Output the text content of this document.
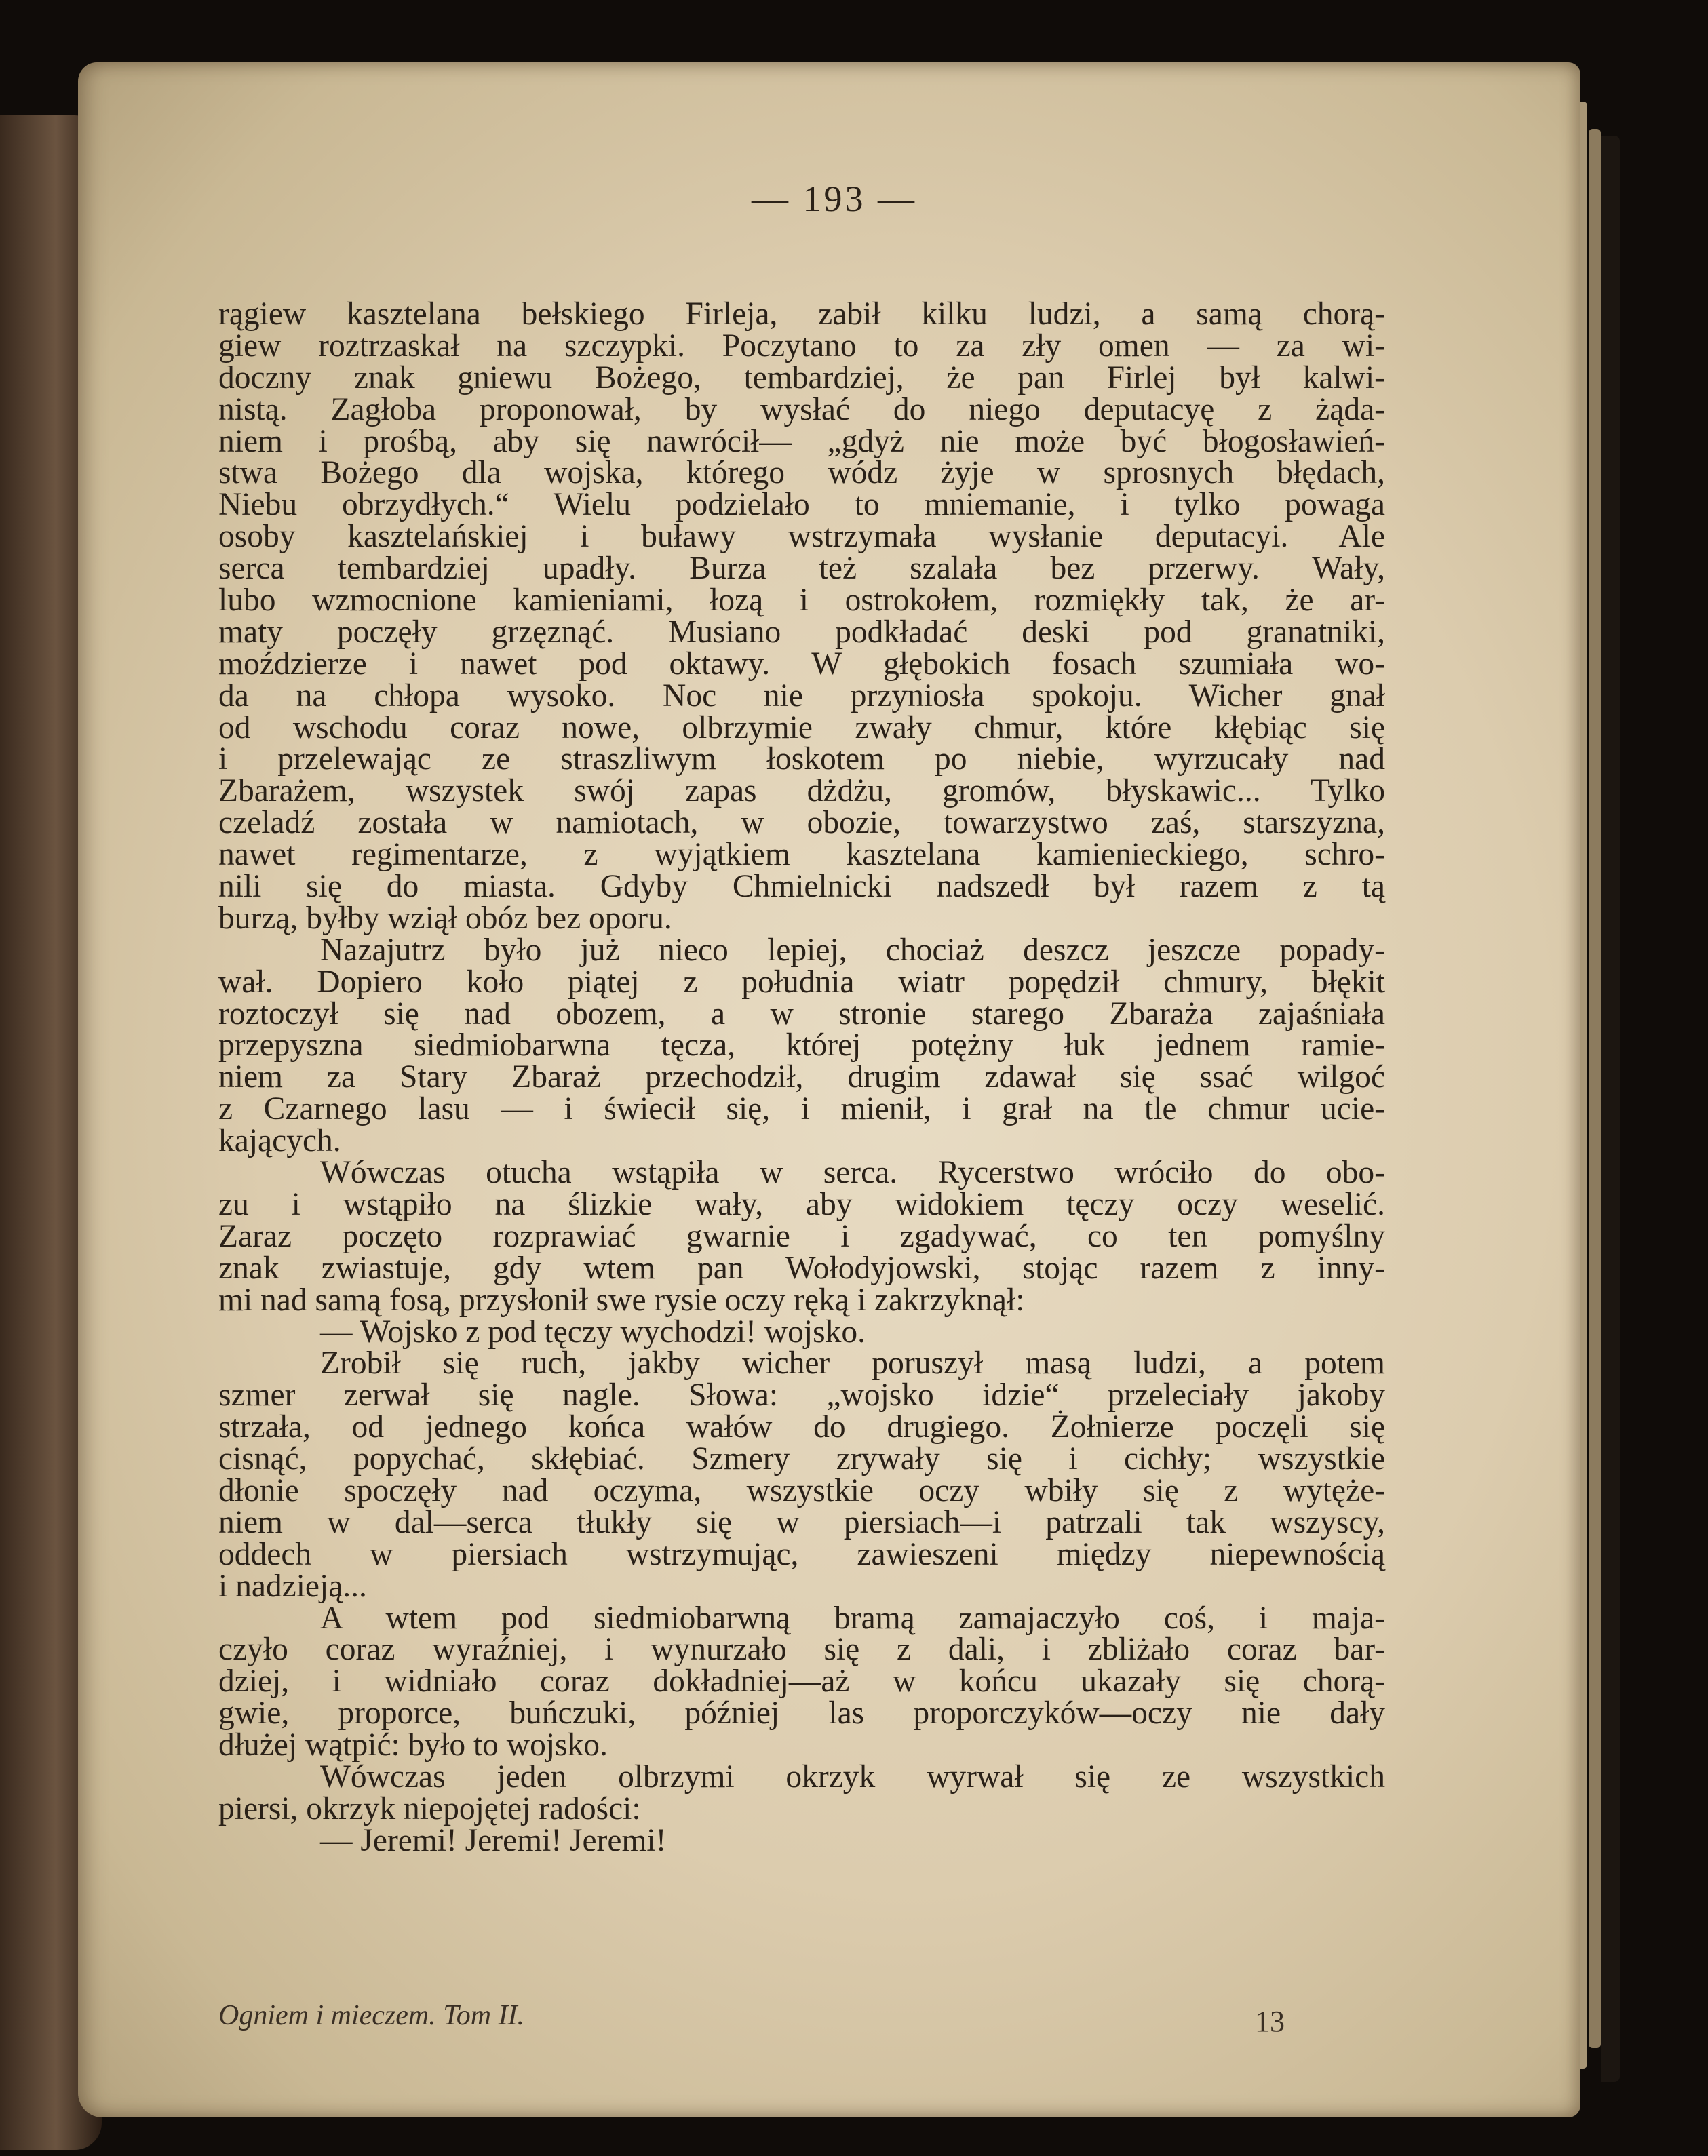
— 193 —
rągiew kasztelana bełskiego Firleja, zabił kilku ludzi, a samą chorą-
giew roztrzaskał na szczypki. Poczytano to za zły omen — za wi-
doczny znak gniewu Bożego, tembardziej, że pan Firlej był kalwi-
nistą. Zagłoba proponował, by wysłać do niego deputacyę z żąda-
niem i prośbą, aby się nawrócił— „gdyż nie może być błogosławień-
stwa Bożego dla wojska, którego wódz żyje w sprosnych błędach,
Niebu obrzydłych.“ Wielu podzielało to mniemanie, i tylko powaga
osoby kasztelańskiej i buławy wstrzymała wysłanie deputacyi. Ale
serca tembardziej upadły. Burza też szalała bez przerwy. Wały,
lubo wzmocnione kamieniami, łozą i ostrokołem, rozmiękły tak, że ar-
maty poczęły grzęznąć. Musiano podkładać deski pod granatniki,
moździerze i nawet pod oktawy. W głębokich fosach szumiała wo-
da na chłopa wysoko. Noc nie przyniosła spokoju. Wicher gnał
od wschodu coraz nowe, olbrzymie zwały chmur, które kłębiąc się
i przelewając ze straszliwym łoskotem po niebie, wyrzucały nad
Zbarażem, wszystek swój zapas dżdżu, gromów, błyskawic... Tylko
czeladź została w namiotach, w obozie, towarzystwo zaś, starszyzna,
nawet regimentarze, z wyjątkiem kasztelana kamienieckiego, schro-
nili się do miasta. Gdyby Chmielnicki nadszedł był razem z tą
burzą, byłby wziął obóz bez oporu.
Nazajutrz było już nieco lepiej, chociaż deszcz jeszcze popady-
wał. Dopiero koło piątej z południa wiatr popędził chmury, błękit
roztoczył się nad obozem, a w stronie starego Zbaraża zajaśniała
przepyszna siedmiobarwna tęcza, której potężny łuk jednem ramie-
niem za Stary Zbaraż przechodził, drugim zdawał się ssać wilgoć
z Czarnego lasu — i świecił się, i mienił, i grał na tle chmur ucie-
kających.
Wówczas otucha wstąpiła w serca. Rycerstwo wróciło do obo-
zu i wstąpiło na ślizkie wały, aby widokiem tęczy oczy weselić.
Zaraz poczęto rozprawiać gwarnie i zgadywać, co ten pomyślny
znak zwiastuje, gdy wtem pan Wołodyjowski, stojąc razem z inny-
mi nad samą fosą, przysłonił swe rysie oczy ręką i zakrzyknął:
— Wojsko z pod tęczy wychodzi! wojsko.
Zrobił się ruch, jakby wicher poruszył masą ludzi, a potem
szmer zerwał się nagle. Słowa: „wojsko idzie“ przeleciały jakoby
strzała, od jednego końca wałów do drugiego. Żołnierze poczęli się
cisnąć, popychać, skłębiać. Szmery zrywały się i cichły; wszystkie
dłonie spoczęły nad oczyma, wszystkie oczy wbiły się z wytęże-
niem w dal—serca tłukły się w piersiach—i patrzali tak wszyscy,
oddech w piersiach wstrzymując, zawieszeni między niepewnością
i nadzieją...
A wtem pod siedmiobarwną bramą zamajaczyło coś, i maja-
czyło coraz wyraźniej, i wynurzało się z dali, i zbliżało coraz bar-
dziej, i widniało coraz dokładniej—aż w końcu ukazały się chorą-
gwie, proporce, buńczuki, później las proporczyków—oczy nie dały
dłużej wątpić: było to wojsko.
Wówczas jeden olbrzymi okrzyk wyrwał się ze wszystkich
piersi, okrzyk niepojętej radości:
— Jeremi! Jeremi! Jeremi!
Ogniem i mieczem. Tom II.	13
